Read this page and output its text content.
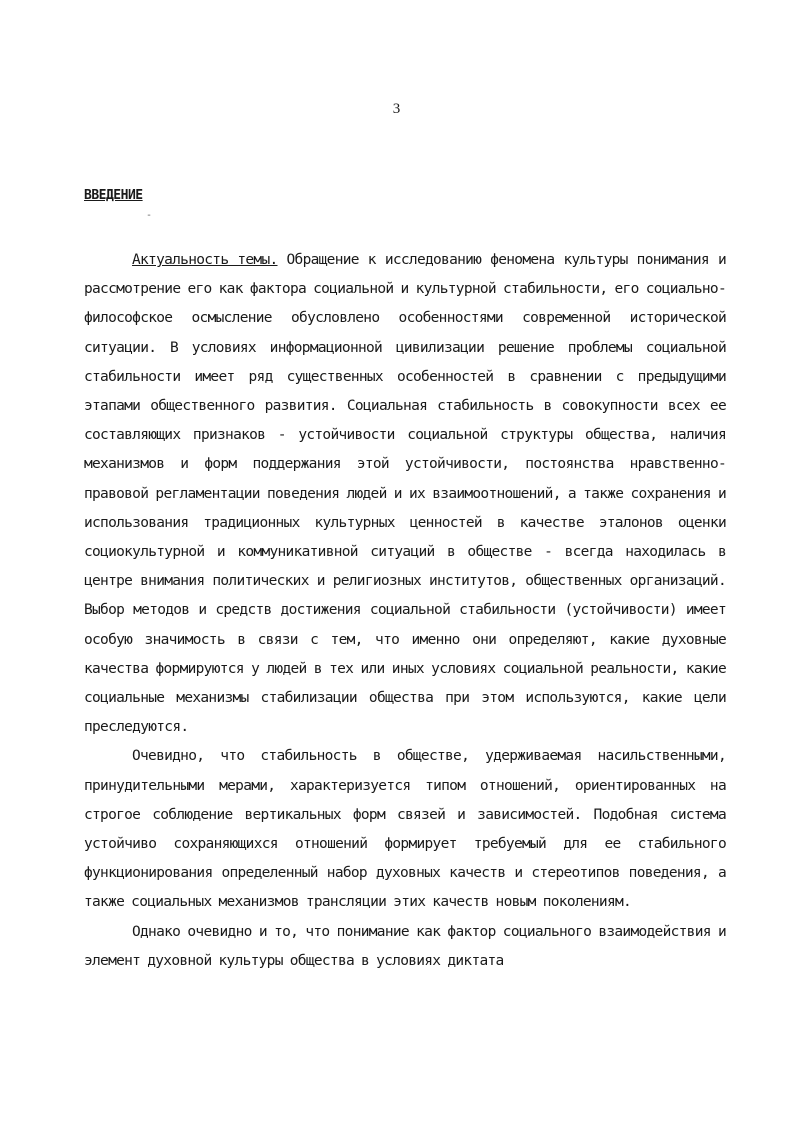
3
ВВЕДЕНИЕ
-

Актуальность темы. Обращение к исследованию феномена культуры понимания и рассмотрение его как фактора социальной и культурной стабильности, его социально-философское осмысление обусловлено особенностями современной исторической ситуации. В условиях информационной цивилизации решение проблемы социальной стабильности имеет ряд существенных особенностей в сравнении с предыдущими этапами общественного развития. Социальная стабильность в совокупности всех ее составляющих признаков - устойчивости социальной структуры общества, наличия механизмов и форм поддержания этой устойчивости, постоянства нравственно-правовой регламентации поведения людей и их взаимоотношений, а также сохранения и использования традиционных культурных ценностей в качестве эталонов оценки социокультурной и коммуникативной ситуаций в обществе - всегда находилась в центре внимания политических и религиозных институтов, общественных организаций. Выбор методов и средств достижения социальной стабильности (устойчивости) имеет особую значимость в связи с тем, что именно они определяют, какие духовные качества формируются у людей в тех или иных условиях социальной реальности, какие социальные механизмы стабилизации общества при этом используются, какие цели преследуются.

Очевидно, что стабильность в обществе, удерживаемая насильственными, принудительными мерами, характеризуется типом отношений, ориентированных на строгое соблюдение вертикальных форм связей и зависимостей. Подобная система устойчиво сохраняющихся отношений формирует требуемый для ее стабильного функционирования определенный набор духовных качеств и стереотипов поведения, а также социальных механизмов трансляции этих качеств новым поколениям.

Однако очевидно и то, что понимание как фактор социального взаимодействия и элемент духовной культуры общества в условиях диктата
